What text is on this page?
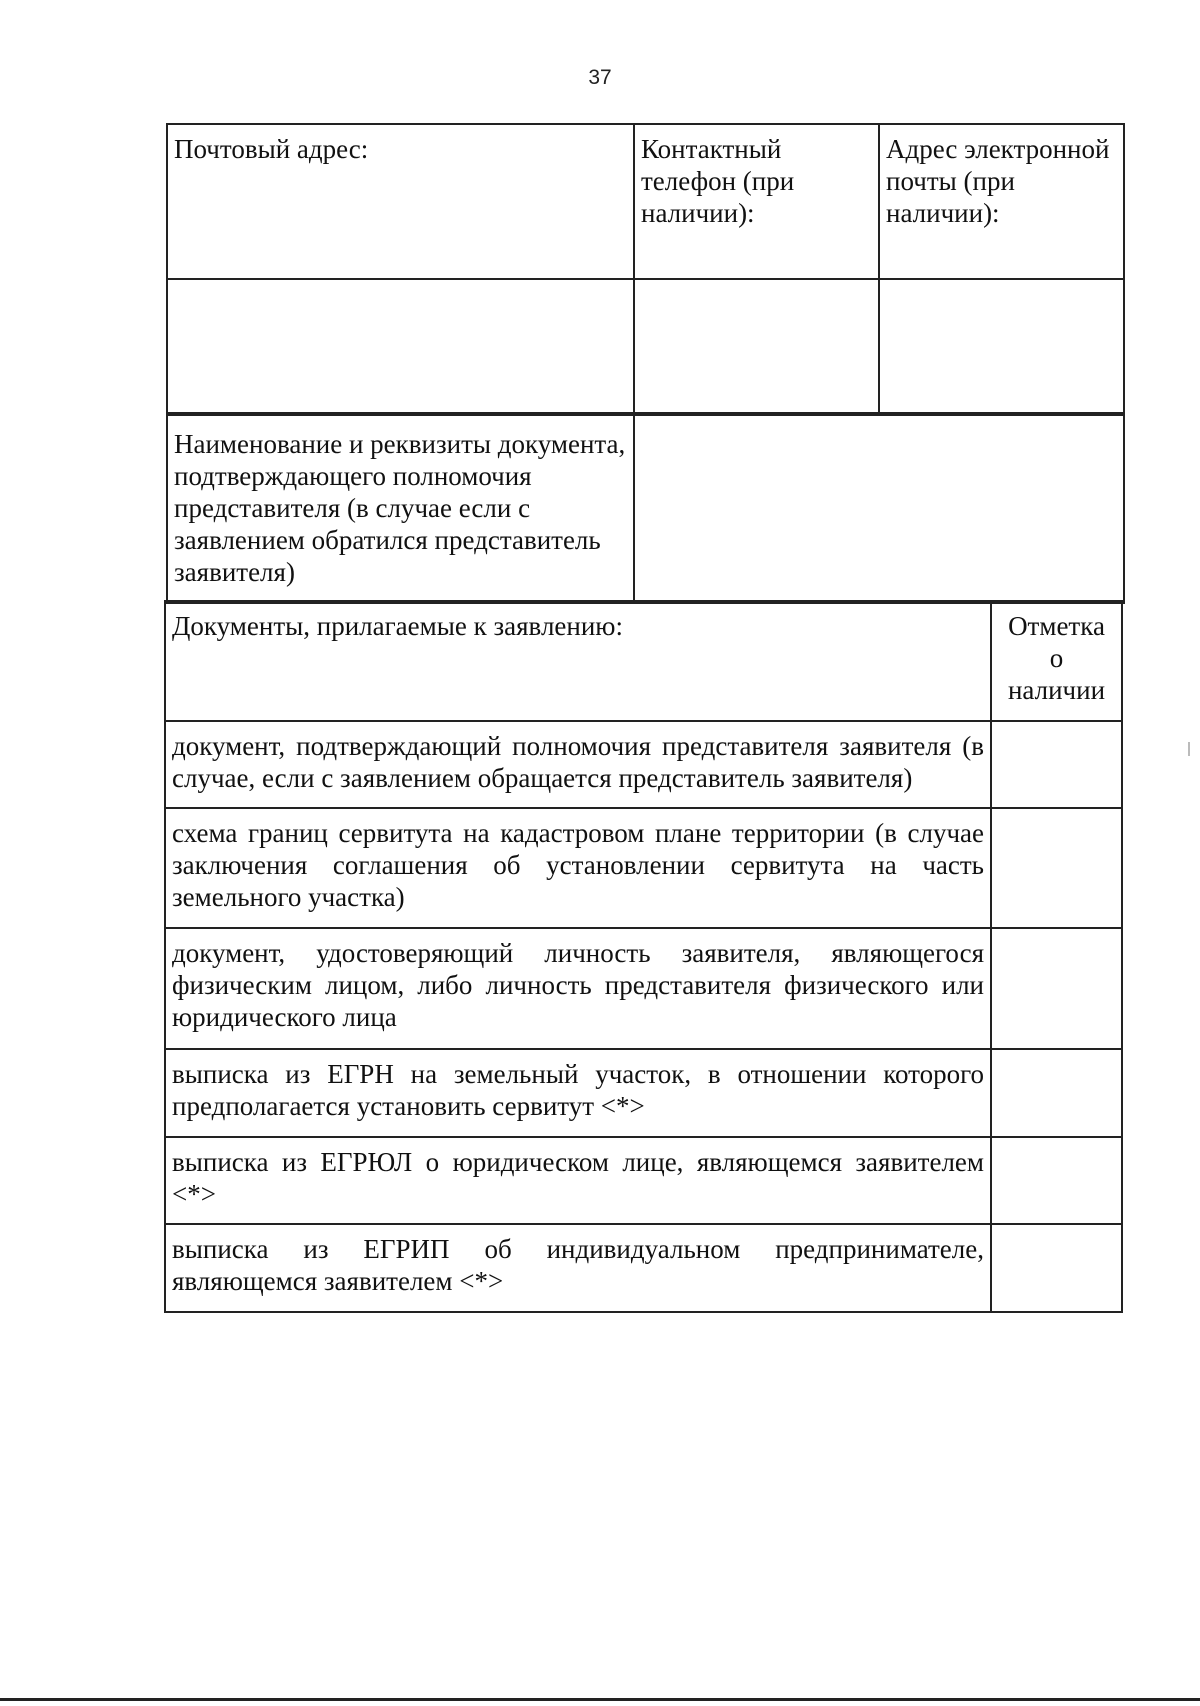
37
Почтовый адрес:	Контактный телефон (при наличии):	Адрес электронной почты (при наличии):

Наименование и реквизиты документа, подтверждающего полномочия представителя (в случае если с заявлением обратился представитель заявителя)

Документы, прилагаемые к заявлению:	Отметка о наличии

документ, подтверждающий полномочия представителя заявителя (в случае, если с заявлением обращается представитель заявителя)	

схема границ сервитута на кадастровом плане территории (в случае заключения соглашения об установлении сервитута на часть земельного участка)	

документ, удостоверяющий личность заявителя, являющегося физическим лицом, либо личность представителя физического или юридического лица	

выписка из ЕГРН на земельный участок, в отношении которого предполагается установить сервитут <*>	

выписка из ЕГРЮЛ о юридическом лице, являющемся заявителем <*>	

выписка из ЕГРИП об индивидуальном предпринимателе, являющемся заявителем <*>	
